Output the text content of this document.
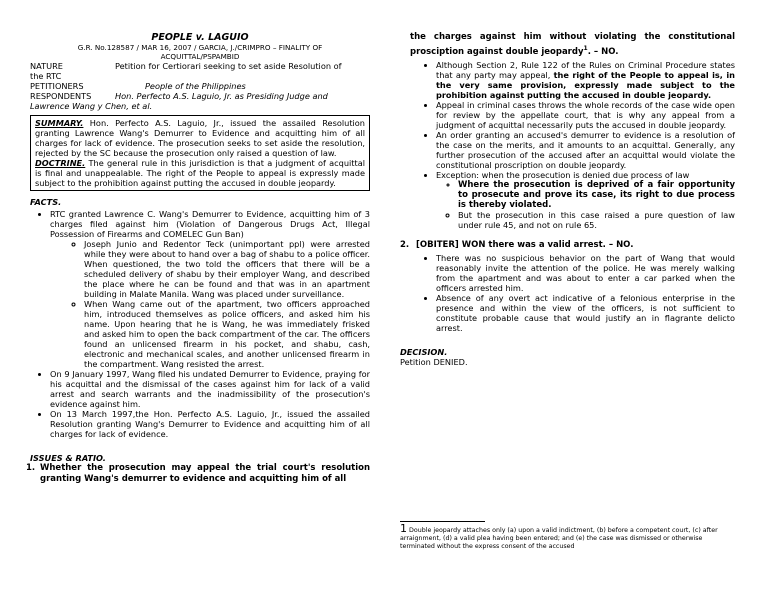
PEOPLE v. LAGUIO
G.R. No.128587 / MAR 16, 2007 / GARCIA, J./CRIMPRO – FINALITY OF
ACQUITTAL/PSPAMBID
NATURE	Petition for Certiorari seeking to set aside Resolution of
the RTC
PETITIONERS	People of the Philippines
RESPONDENTS	Hon. Perfecto A.S. Laguio, Jr. as Presiding Judge and
Lawrence Wang y Chen, et al.
SUMMARY. Hon. Perfecto A.S. Laguio, Jr., issued the assailed Resolution granting Lawrence Wang's Demurrer to Evidence and acquitting him of all charges for lack of evidence. The prosecution seeks to set aside the resolution, rejected by the SC because the prosecution only raised a question of law.
DOCTRINE. The general rule in this jurisdiction is that a judgment of acquittal is final and unappealable. The right of the People to appeal is expressly made subject to the prohibition against putting the accused in double jeopardy.
FACTS.
• RTC granted Lawrence C. Wang's Demurrer to Evidence, acquitting him of 3 charges filed against him (Violation of Dangerous Drugs Act, Illegal Possession of Firearms and COMELEC Gun Ban)
◦ Joseph Junio and Redentor Teck (unimportant ppl) were arrested while they were about to hand over a bag of shabu to a police officer. When questioned, the two told the officers that there will be a scheduled delivery of shabu by their employer Wang, and described the place where he can be found and that was in an apartment building in Malate Manila. Wang was placed under surveillance.
◦ When Wang came out of the apartment, two officers approached him, introduced themselves as police officers, and asked him his name. Upon hearing that he is Wang, he was immediately frisked and asked him to open the back compartment of the car. The officers found an unlicensed firearm in his pocket, and shabu, cash, electronic and mechanical scales, and another unlicensed firearm in the compartment. Wang resisted the arrest.
• On 9 January 1997, Wang filed his undated Demurrer to Evidence, praying for his acquittal and the dismissal of the cases against him for lack of a valid arrest and search warrants and the inadmissibility of the prosecution's evidence against him.
• On 13 March 1997,the Hon. Perfecto A.S. Laguio, Jr., issued the assailed Resolution granting Wang's Demurrer to Evidence and acquitting him of all charges for lack of evidence.
ISSUES & RATIO.
1. Whether the prosecution may appeal the trial court's resolution granting Wang's demurrer to evidence and acquitting him of all
the charges against him without violating the constitutional prosciption against double jeopardy$^1$. – NO.
• Although Section 2, Rule 122 of the Rules on Criminal Procedure states that any party may appeal, the right of the People to appeal is, in the very same provision, expressly made subject to the prohibition against putting the accused in double jeopardy.
• Appeal in criminal cases throws the whole records of the case wide open for review by the appellate court, that is why any appeal from a judgment of acquittal necessarily puts the accused in double jeopardy.
• An order granting an accused's demurrer to evidence is a resolution of the case on the merits, and it amounts to an acquittal. Generally, any further prosecution of the accused after an acquittal would violate the constitutional proscription on double jeopardy.
• Exception: when the prosecution is denied due process of law
◦ Where the prosecution is deprived of a fair opportunity to prosecute and prove its case, its right to due process is thereby violated.
◦ But the prosecution in this case raised a pure question of law under rule 45, and not on rule 65.
2. [OBITER] WON there was a valid arrest. – NO.
• There was no suspicious behavior on the part of Wang that would reasonably invite the attention of the police. He was merely walking from the apartment and was about to enter a car parked when the officers arrested him.
• Absence of any overt act indicative of a felonious enterprise in the presence and within the view of the officers, is not sufficient to constitute probable cause that would justify an in flagrante delicto arrest.
DECISION.
Petition DENIED.
1 Double jeopardy attaches only (a) upon a valid indictment, (b) before a competent court, (c) after arraignment, (d) a valid plea having been entered; and (e) the case was dismissed or otherwise terminated without the express consent of the accused
